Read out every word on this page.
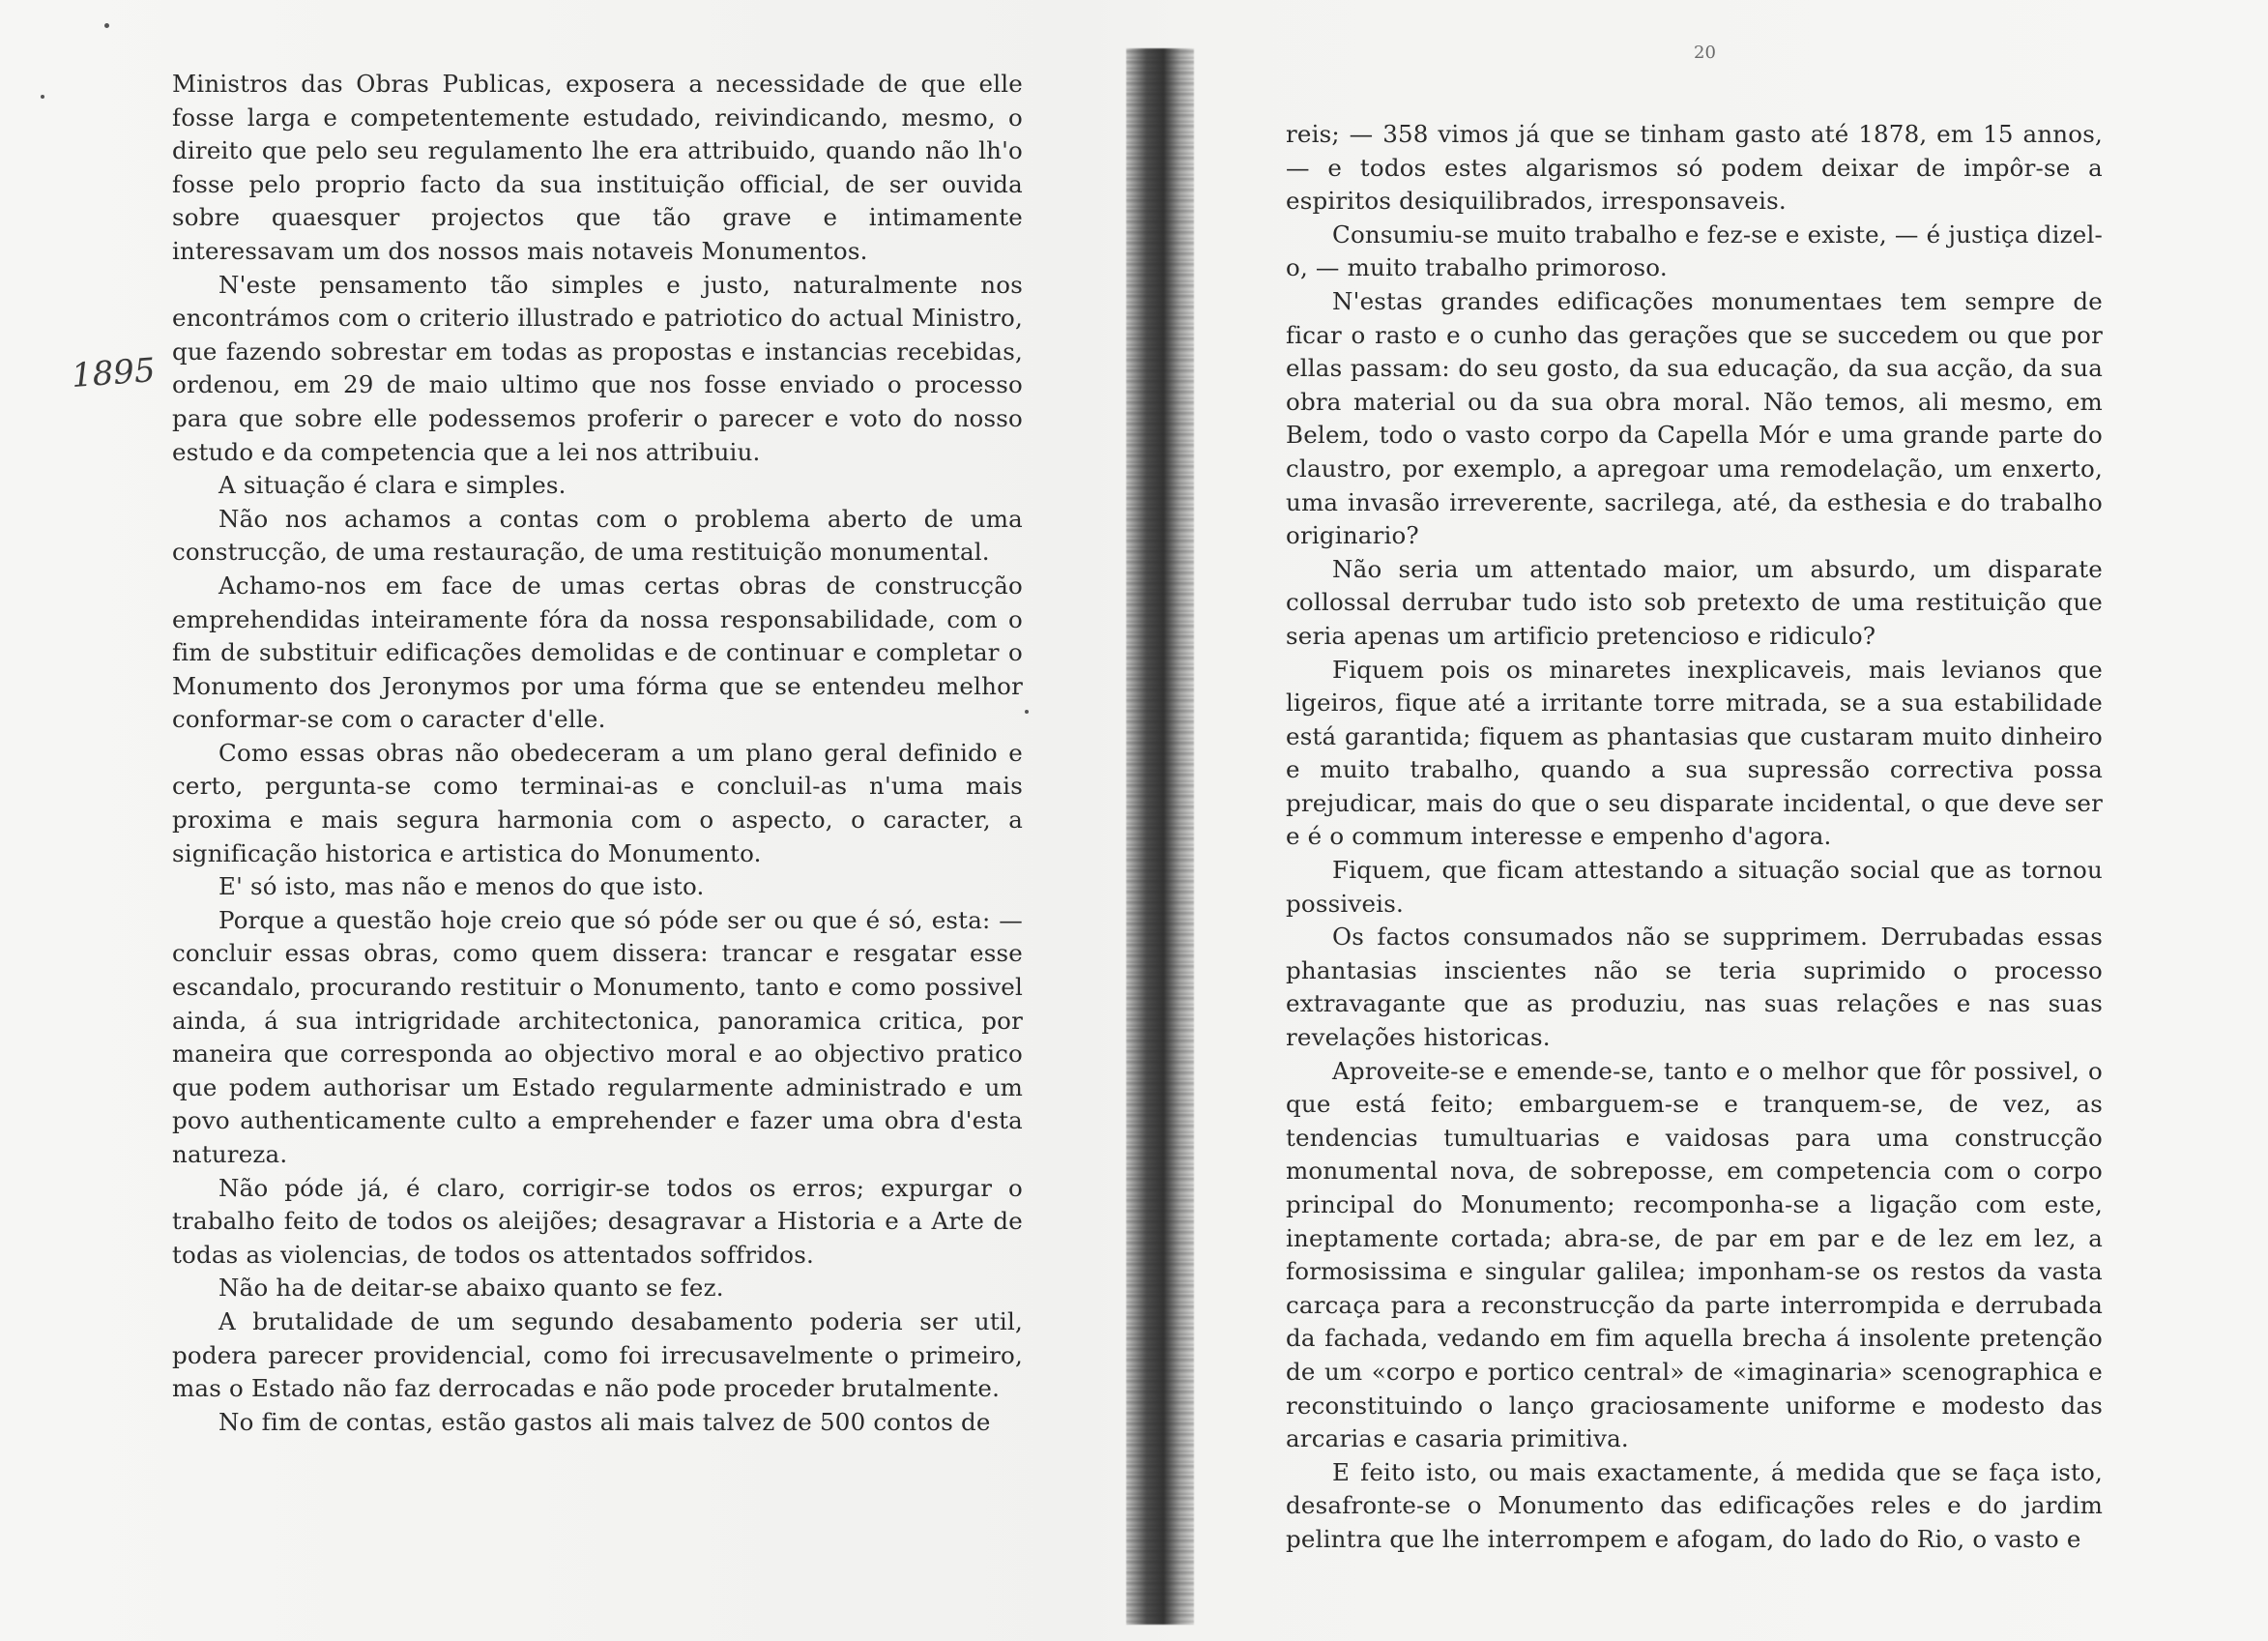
1895
20

Ministros das Obras Publicas, exposera a necessidade de que elle fosse larga e competentemente estudado, reivindicando, mesmo, o direito que pelo seu regulamento lhe era attribuido, quando não lh'o fosse pelo proprio facto da sua instituição official, de ser ouvida sobre quaesquer projectos que tão grave e intimamente interessavam um dos nossos mais notaveis Monumentos.

N'este pensamento tão simples e justo, naturalmente nos encontrámos com o criterio illustrado e patriotico do actual Ministro, que fazendo sobrestar em todas as propostas e instancias recebidas, ordenou, em 29 de maio ultimo que nos fosse enviado o processo para que sobre elle podessemos proferir o parecer e voto do nosso estudo e da competencia que a lei nos attribuiu.

A situação é clara e simples.

Não nos achamos a contas com o problema aberto de uma construcção, de uma restauração, de uma restituição monumental.

Achamo-nos em face de umas certas obras de construcção emprehendidas inteiramente fóra da nossa responsabilidade, com o fim de substituir edificações demolidas e de continuar e completar o Monumento dos Jeronymos por uma fórma que se entendeu melhor conformar-se com o caracter d'elle.

Como essas obras não obedeceram a um plano geral definido e certo, pergunta-se como terminai-as e concluil-as n'uma mais proxima e mais segura harmonia com o aspecto, o caracter, a significação historica e artistica do Monumento.

E' só isto, mas não e menos do que isto.

Porque a questão hoje creio que só póde ser ou que é só, esta: — concluir essas obras, como quem dissera: trancar e resgatar esse escandalo, procurando restituir o Monumento, tanto e como possivel ainda, á sua intrigridade architectonica, panoramica critica, por maneira que corresponda ao objectivo moral e ao objectivo pratico que podem authorisar um Estado regularmente administrado e um povo authenticamente culto a emprehender e fazer uma obra d'esta natureza.

Não póde já, é claro, corrigir-se todos os erros; expurgar o trabalho feito de todos os aleijões; desagravar a Historia e a Arte de todas as violencias, de todos os attentados soffridos.

Não ha de deitar-se abaixo quanto se fez.

A brutalidade de um segundo desabamento poderia ser util, podera parecer providencial, como foi irrecusavelmente o primeiro, mas o Estado não faz derrocadas e não pode proceder brutalmente.

No fim de contas, estão gastos ali mais talvez de 500 contos de

reis; — 358 vimos já que se tinham gasto até 1878, em 15 annos, — e todos estes algarismos só podem deixar de impôr-se a espiritos desiquilibrados, irresponsaveis.

Consumiu-se muito trabalho e fez-se e existe, — é justiça dizel-o, — muito trabalho primoroso.

N'estas grandes edificações monumentaes tem sempre de ficar o rasto e o cunho das gerações que se succedem ou que por ellas passam: do seu gosto, da sua educação, da sua acção, da sua obra material ou da sua obra moral. Não temos, ali mesmo, em Belem, todo o vasto corpo da Capella Mór e uma grande parte do claustro, por exemplo, a apregoar uma remodelação, um enxerto, uma invasão irreverente, sacrilega, até, da esthesia e do trabalho originario?

Não seria um attentado maior, um absurdo, um disparate collossal derrubar tudo isto sob pretexto de uma restituição que seria apenas um artificio pretencioso e ridiculo?

Fiquem pois os minaretes inexplicaveis, mais levianos que ligeiros, fique até a irritante torre mitrada, se a sua estabilidade está garantida; fiquem as phantasias que custaram muito dinheiro e muito trabalho, quando a sua supressão correctiva possa prejudicar, mais do que o seu disparate incidental, o que deve ser e é o commum interesse e empenho d'agora.

Fiquem, que ficam attestando a situação social que as tornou possiveis.

Os factos consumados não se supprimem. Derrubadas essas phantasias inscientes não se teria suprimido o processo extravagante que as produziu, nas suas relações e nas suas revelações historicas.

Aproveite-se e emende-se, tanto e o melhor que fôr possivel, o que está feito; embarguem-se e tranquem-se, de vez, as tendencias tumultuarias e vaidosas para uma construcção monumental nova, de sobreposse, em competencia com o corpo principal do Monumento; recomponha-se a ligação com este, ineptamente cortada; abra-se, de par em par e de lez em lez, a formosissima e singular galilea; imponham-se os restos da vasta carcaça para a reconstrucção da parte interrompida e derrubada da fachada, vedando em fim aquella brecha á insolente pretenção de um «corpo e portico central» de «imaginaria» scenographica e reconstituindo o lanço graciosamente uniforme e modesto das arcarias e casaria primitiva.

E feito isto, ou mais exactamente, á medida que se faça isto, desafronte-se o Monumento das edificações reles e do jardim pelintra que lhe interrompem e afogam, do lado do Rio, o vasto e
